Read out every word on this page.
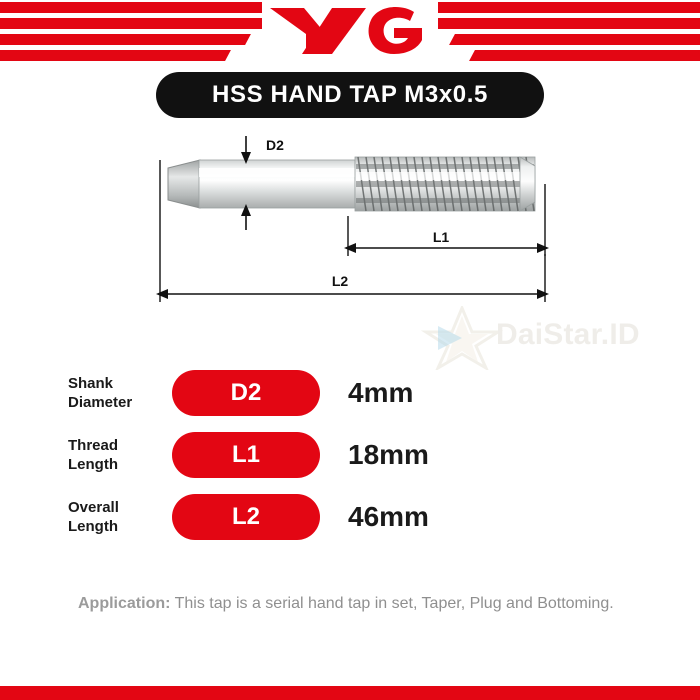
HSS HAND TAP M3x0.5
D2
L1
L2
DaiStar.ID
Shank
Diameter	D2	4mm
Thread
Length	L1	18mm
Overall
Length	L2	46mm
Application: This tap is a serial hand tap in set, Taper, Plug and Bottoming.
